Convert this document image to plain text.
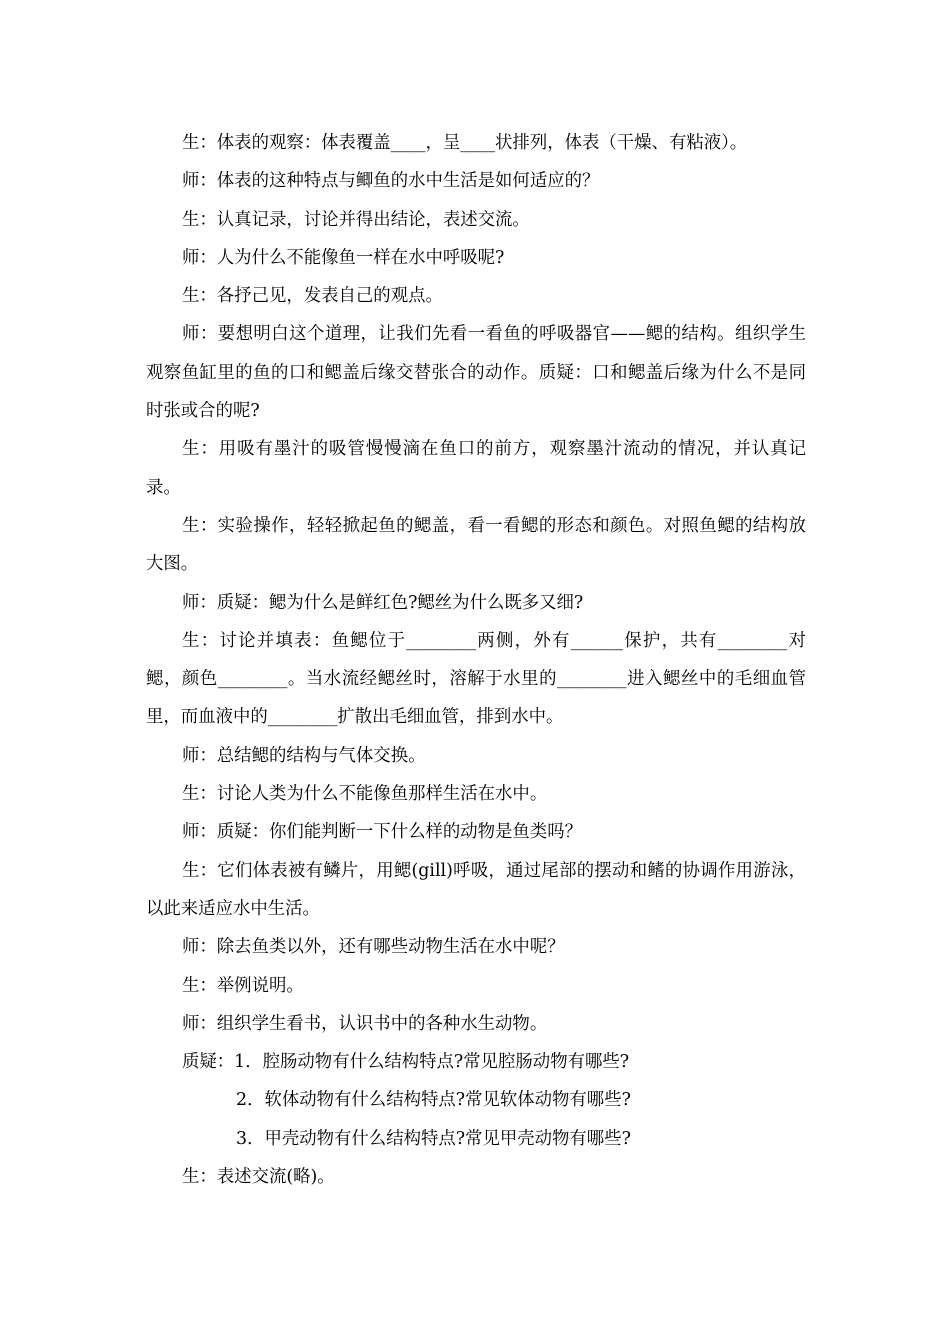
生：体表的观察：体表覆盖____，呈____状排列，体表（干燥、有粘液）。

师：体表的这种特点与鲫鱼的水中生活是如何适应的？

生：认真记录，讨论并得出结论，表述交流。

师：人为什么不能像鱼一样在水中呼吸呢?

生：各抒己见，发表自己的观点。

师：要想明白这个道理，让我们先看一看鱼的呼吸器官——鳃的结构。组织学生观察鱼缸里的鱼的口和鳃盖后缘交替张合的动作。质疑：口和鳃盖后缘为什么不是同时张或合的呢?

生：用吸有墨汁的吸管慢慢滴在鱼口的前方，观察墨汁流动的情况，并认真记录。

生：实验操作，轻轻掀起鱼的鳃盖，看一看鳃的形态和颜色。对照鱼鳃的结构放大图。

师：质疑：鳃为什么是鲜红色?鳃丝为什么既多又细?

生：讨论并填表：鱼鳃位于________两侧，外有______保护，共有________对鳃，颜色________。当水流经鳃丝时，溶解于水里的________进入鳃丝中的毛细血管里，而血液中的________扩散出毛细血管，排到水中。

师：总结鳃的结构与气体交换。

生：讨论人类为什么不能像鱼那样生活在水中。

师：质疑：你们能判断一下什么样的动物是鱼类吗？

生：它们体表被有鳞片，用鳃(gill)呼吸，通过尾部的摆动和鳍的协调作用游泳，以此来适应水中生活。

师：除去鱼类以外，还有哪些动物生活在水中呢？

生：举例说明。

师：组织学生看书，认识书中的各种水生动物。

质疑：1．腔肠动物有什么结构特点?常见腔肠动物有哪些?

2．软体动物有什么结构特点?常见软体动物有哪些?

3．甲壳动物有什么结构特点?常见甲壳动物有哪些?

生：表述交流(略)。
